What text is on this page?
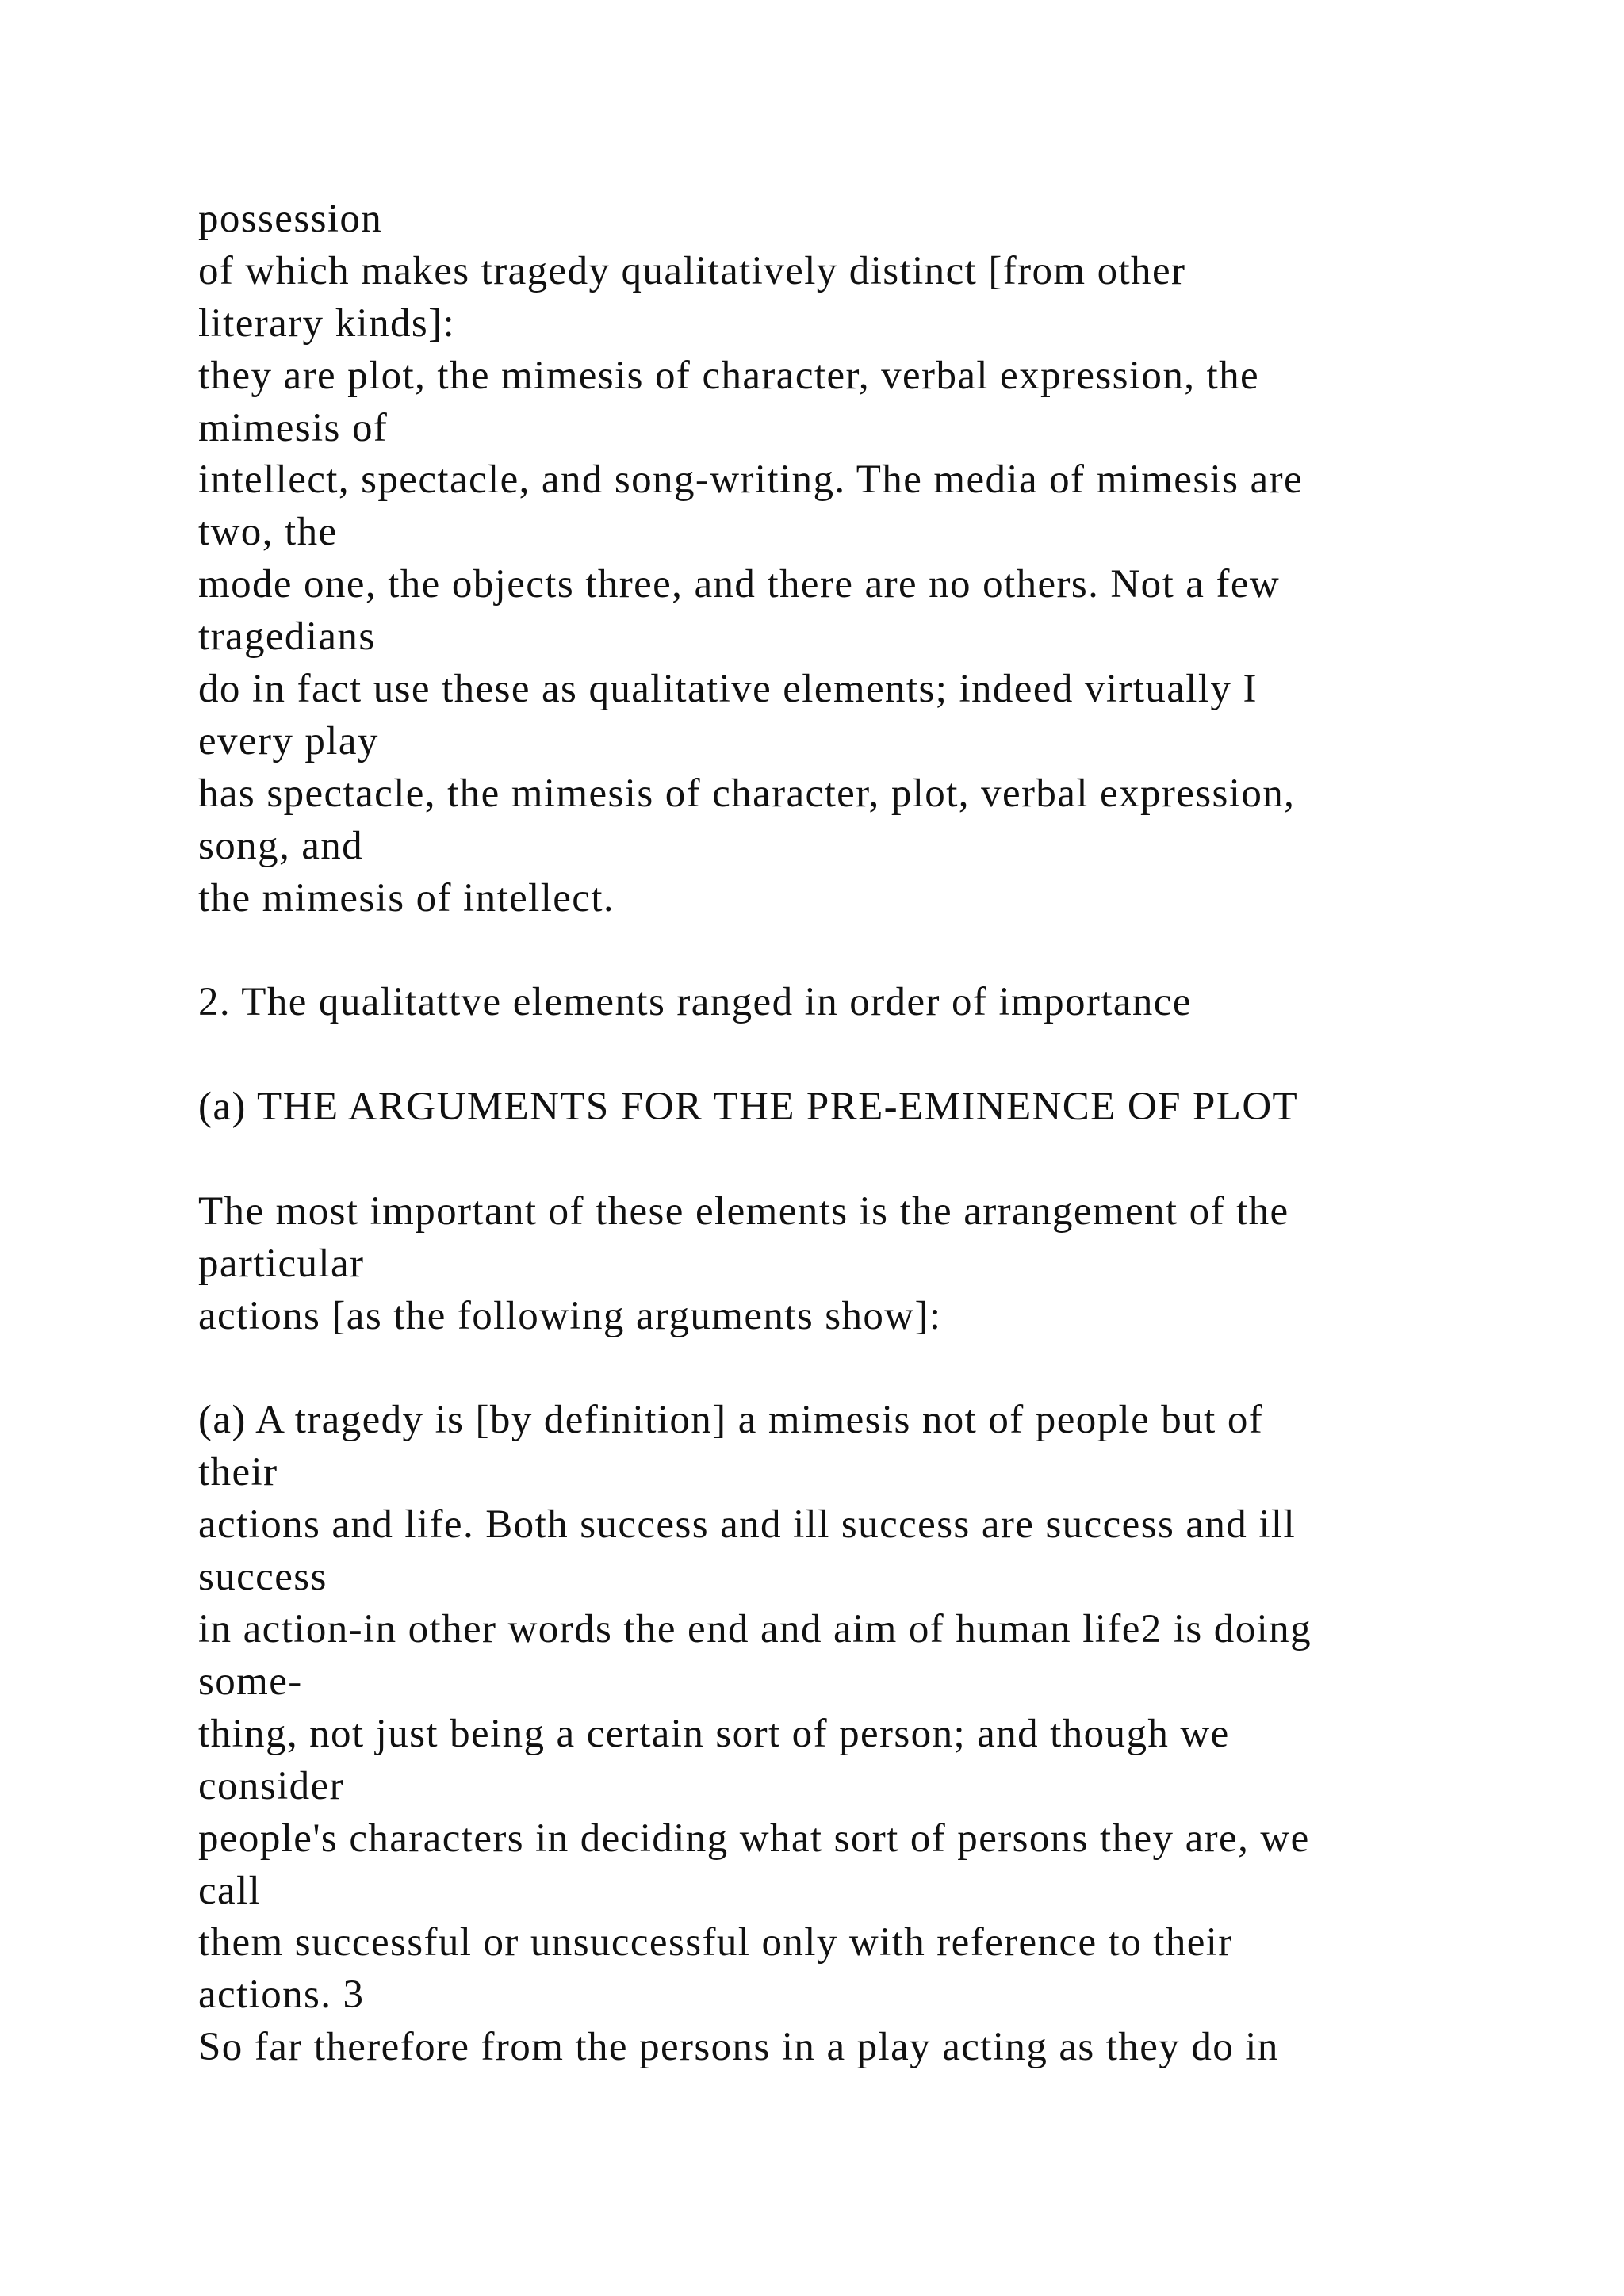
possession
of which makes tragedy qualitatively distinct [from other
literary kinds]:
they are plot, the mimesis of character, verbal expression, the
mimesis of
intellect, spectacle, and song-writing. The media of mimesis are
two, the
mode one, the objects three, and there are no others. Not a few
tragedians
do in fact use these as qualitative elements; indeed virtually I
every play
has spectacle, the mimesis of character, plot, verbal expression,
song, and
the mimesis of intellect.
2. The qualitattve elements ranged in order of importance
(a) THE ARGUMENTS FOR THE PRE-EMINENCE OF PLOT
The most important of these elements is the arrangement of the
particular
actions [as the following arguments show]:
(a) A tragedy is [by definition] a mimesis not of people but of
their
actions and life. Both success and ill success are success and ill
success
in action-in other words the end and aim of human life2 is doing
some-
thing, not just being a certain sort of person; and though we
consider
people's characters in deciding what sort of persons they are, we
call
them successful or unsuccessful only with reference to their
actions. 3
So far therefore from the persons in a play acting as they do in
